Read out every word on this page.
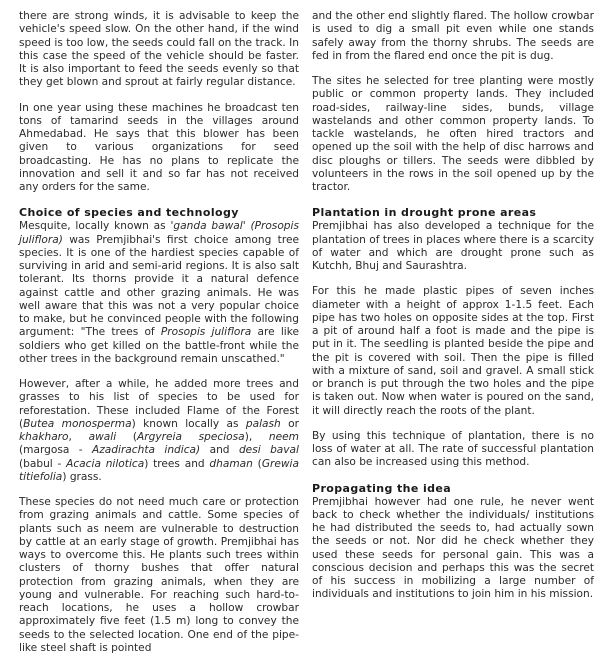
there are strong winds, it is advisable to keep the vehicle's speed slow. On the other hand, if the wind speed is too low, the seeds could fall on the track. In this case the speed of the vehicle should be faster. It is also important to feed the seeds evenly so that they get blown and sprout at fairly regular distance.

In one year using these machines he broadcast ten tons of tamarind seeds in the villages around Ahmedabad. He says that this blower has been given to various organizations for seed broadcasting. He has no plans to replicate the innovation and sell it and so far has not received any orders for the same.

Choice of species and technology

Mesquite, locally known as 'ganda bawal' (Prosopis juliflora) was Premjibhai's first choice among tree species. It is one of the hardiest species capable of surviving in arid and semi-arid regions. It is also salt tolerant. Its thorns provide it a natural defence against cattle and other grazing animals. He was well aware that this was not a very popular choice to make, but he convinced people with the following argument: "The trees of Prosopis juliflora are like soldiers who get killed on the battle-front while the other trees in the background remain unscathed."

However, after a while, he added more trees and grasses to his list of species to be used for reforestation. These included Flame of the Forest (Butea monosperma) known locally as palash or khakharo, awali (Argyreia speciosa), neem (margosa - Azadirachta indica) and desi baval (babul - Acacia nilotica) trees and dhaman (Grewia titiefolia) grass.

These species do not need much care or protection from grazing animals and cattle. Some species of plants such as neem are vulnerable to destruction by cattle at an early stage of growth. Premjibhai has ways to overcome this. He plants such trees within clusters of thorny bushes that offer natural protection from grazing animals, when they are young and vulnerable. For reaching such hard-to-reach locations, he uses a hollow crowbar approximately five feet (1.5 m) long to convey the seeds to the selected location. One end of the pipe-like steel shaft is pointed

and the other end slightly flared. The hollow crowbar is used to dig a small pit even while one stands safely away from the thorny shrubs. The seeds are fed in from the flared end once the pit is dug.

The sites he selected for tree planting were mostly public or common property lands. They included road-sides, railway-line sides, bunds, village wastelands and other common property lands. To tackle wastelands, he often hired tractors and opened up the soil with the help of disc harrows and disc ploughs or tillers. The seeds were dibbled by volunteers in the rows in the soil opened up by the tractor.

Plantation in drought prone areas

Premjibhai has also developed a technique for the plantation of trees in places where there is a scarcity of water and which are drought prone such as Kutchh, Bhuj and Saurashtra.

For this he made plastic pipes of seven inches diameter with a height of approx 1-1.5 feet. Each pipe has two holes on opposite sides at the top. First a pit of around half a foot is made and the pipe is put in it. The seedling is planted beside the pipe and the pit is covered with soil. Then the pipe is filled with a mixture of sand, soil and gravel. A small stick or branch is put through the two holes and the pipe is taken out. Now when water is poured on the sand, it will directly reach the roots of the plant.

By using this technique of plantation, there is no loss of water at all. The rate of successful plantation can also be increased using this method.

Propagating the idea

Premjibhai however had one rule, he never went back to check whether the individuals/ institutions he had distributed the seeds to, had actually sown the seeds or not. Nor did he check whether they used these seeds for personal gain. This was a conscious decision and perhaps this was the secret of his success in mobilizing a large number of individuals and institutions to join him in his mission.
